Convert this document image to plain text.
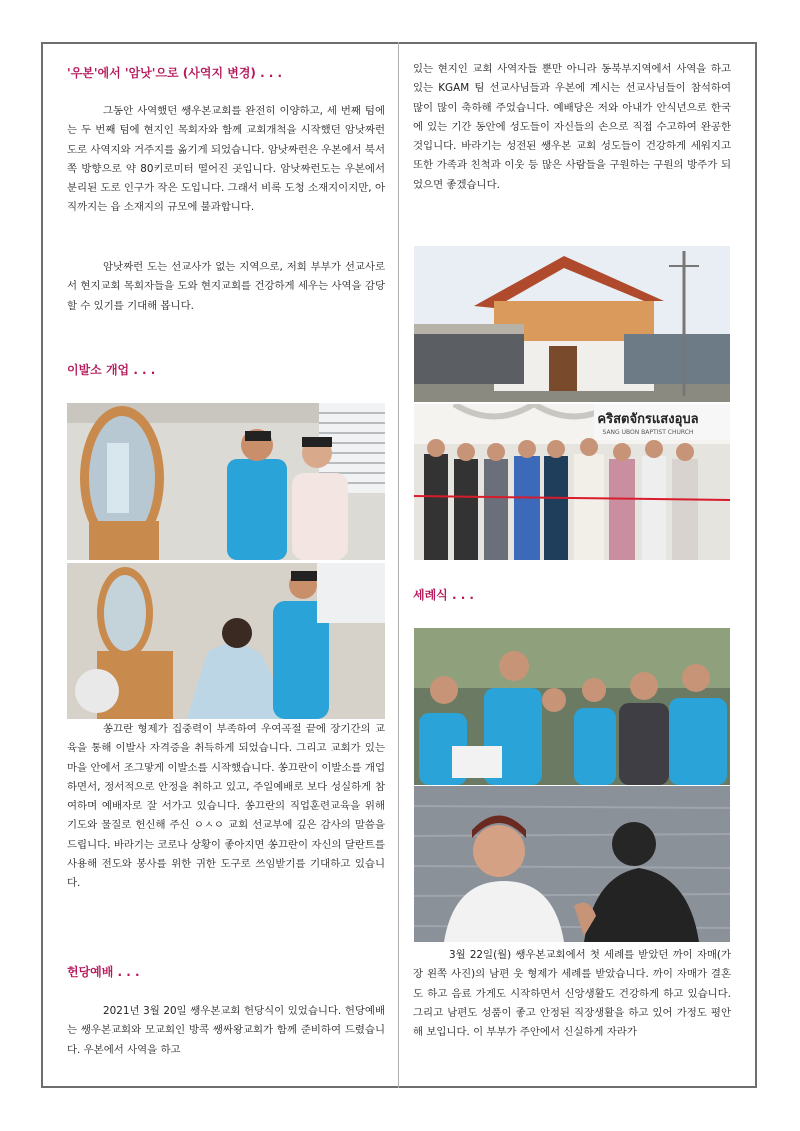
'우본'에서 '암낫'으로 (사역지 변경) . . .

그동안 사역했던 쌩우본교회를 완전히 이양하고, 세 번째 텀에는 두 번째 텀에 현지인 목회자와 함께 교회개척을 시작했던 암낫짜런도로 사역지와 거주지를 옮기게 되었습니다. 암낫짜런은 우본에서 북서쪽 방향으로 약 80키로미터 떨어진 곳입니다. 암낫짜런도는 우본에서 분리된 도로 인구가 작은 도입니다. 그래서 비록 도청 소재지이지만, 아직까지는 읍 소재지의 규모에 불과합니다.

암낫짜런 도는 선교사가 없는 지역으로, 저희 부부가 선교사로서 현지교회 목회자들을 도와 현지교회를 건강하게 세우는 사역을 감당할 수 있기를 기대해 봅니다.

이발소 개업 . . .

쏭끄란 형제가 집중력이 부족하여 우여곡절 끝에 장기간의 교육을 통해 이발사 자격증을 취득하게 되었습니다. 그리고 교회가 있는 마을 안에서 조그맣게 이발소를 시작했습니다. 쏭끄란이 이발소를 개업하면서, 정서적으로 안정을 취하고 있고, 주일예배로 보다 성실하게 참여하며 예배자로 잘 서가고 있습니다. 쏭끄란의 직업훈련교육을 위해 기도와 물질로 헌신해 주신 ㅇㅅㅇ 교회 선교부에 깊은 감사의 말씀을 드립니다. 바라기는 코로나 상황이 좋아지면 쏭끄란이 자신의 달란트를 사용해 전도와 봉사를 위한 귀한 도구로 쓰임받기를 기대하고 있습니다.

헌당예배 . . .

2021년 3월 20일 쌩우본교회 헌당식이 있었습니다. 헌당예배는 쌩우본교회와 모교회인 방콕 쌩싸왕교회가 함께 준비하여 드렸습니다. 우본에서 사역을 하고

있는 현지인 교회 사역자들 뿐만 아니라 동북부지역에서 사역을 하고 있는 KGAM 팀 선교사님들과 우본에 계시는 선교사님들이 참석하여 많이 많이 축하해 주었습니다. 예배당은 저와 아내가 안식년으로 한국에 있는 기간 동안에 성도들이 자신들의 손으로 직접 수고하여 완공한 것입니다. 바라기는 성전된 쌩우본 교회 성도들이 건강하게 세워지고 또한 가족과 친척과 이웃 등 많은 사람들을 구원하는 구원의 방주가 되었으면 좋겠습니다.

คริสตจักรแสงอุบล
SANG UBON BAPTIST CHURCH
세례식 . . .

3월 22일(월) 쌩우본교회에서 첫 세례를 받았던 까이 자매(가장 왼쪽 사진)의 남편 웃 형제가 세례를 받았습니다. 까이 자매가 결혼도 하고 음료 가게도 시작하면서 신앙생활도 건강하게 하고 있습니다. 그리고 남편도 성품이 좋고 안정된 직장생활을 하고 있어 가정도 평안해 보입니다. 이 부부가 주안에서 신실하게 자라가
